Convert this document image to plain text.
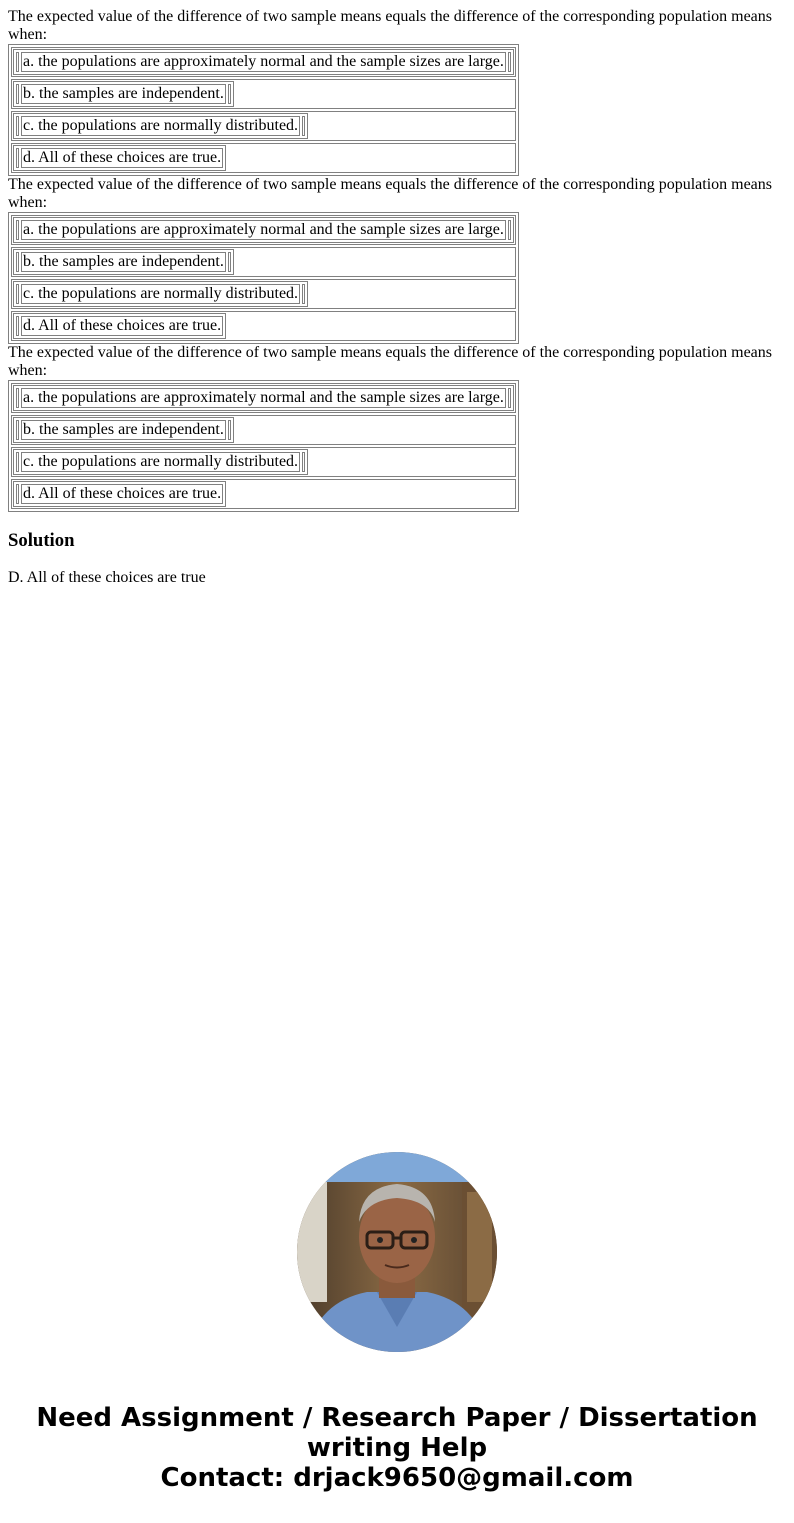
The expected value of the difference of two sample means equals the difference of the corresponding population means when:

	a. the populations are approximately normal and the sample sizes are large.	

	b. the samples are independent.	

	c. the populations are normally distributed.	

	d. All of these choices are true.

The expected value of the difference of two sample means equals the difference of the corresponding population means when:

	a. the populations are approximately normal and the sample sizes are large.	

	b. the samples are independent.	

	c. the populations are normally distributed.	

	d. All of these choices are true.

The expected value of the difference of two sample means equals the difference of the corresponding population means when:

	a. the populations are approximately normal and the sample sizes are large.	

	b. the samples are independent.	

	c. the populations are normally distributed.	

	d. All of these choices are true.
Solution

D. All of these choices are true

Need Assignment / Research Paper / Dissertation
writing Help
Contact: drjack9650@gmail.com
